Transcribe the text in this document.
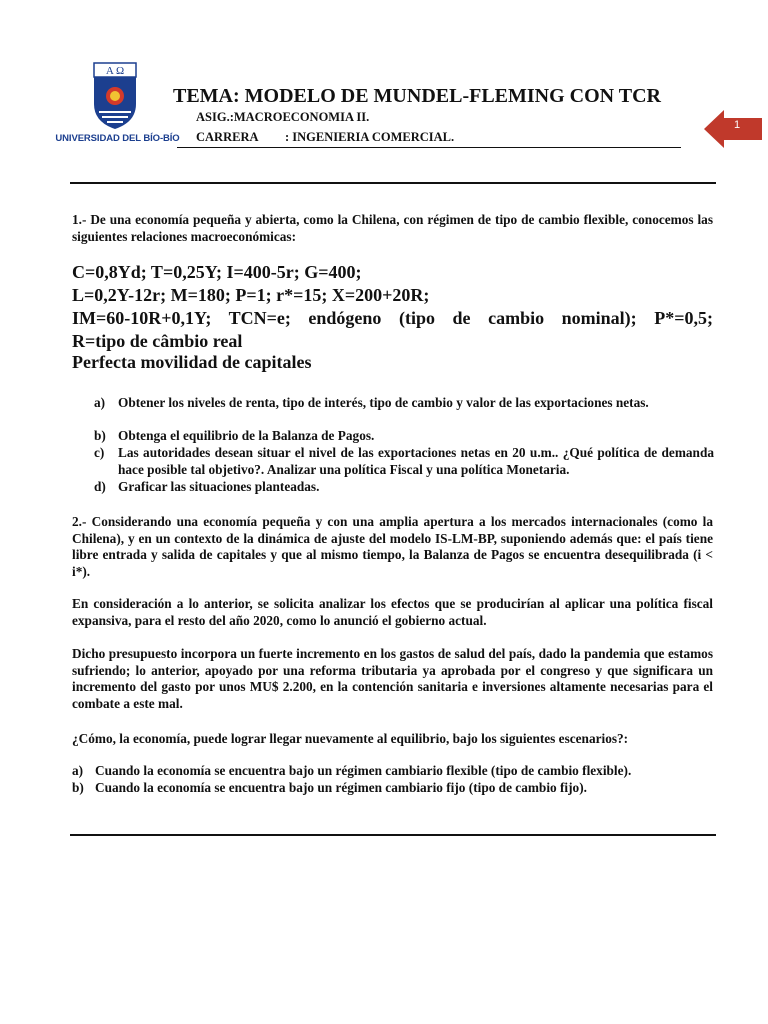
A Ω
UNIVERSIDAD DEL BÍO-BÍO
TEMA: MODELO DE MUNDEL-FLEMING CON TCR
ASIG.:MACROECONOMIA II.
CARRERA : INGENIERIA COMERCIAL.
1

1.- De una economía pequeña y abierta, como la Chilena, con régimen de tipo de cambio flexible, conocemos las siguientes relaciones macroeconómicas:

C=0,8Yd; T=0,25Y; I=400-5r; G=400;
L=0,2Y-12r; M=180; P=1; r*=15; X=200+20R;
IM=60-10R+0,1Y; TCN=e; endógeno (tipo de cambio nominal); P*=0,5;
R=tipo de câmbio real
Perfecta movilidad de capitales
a) Obtener los niveles de renta, tipo de interés, tipo de cambio y valor de las exportaciones netas.
b) Obtenga el equilibrio de la Balanza de Pagos.
c) Las autoridades desean situar el nivel de las exportaciones netas en 20 u.m.. ¿Qué política de demanda hace posible tal objetivo?. Analizar una política Fiscal y una política Monetaria.
d) Graficar las situaciones planteadas.

2.- Considerando una economía pequeña y con una amplia apertura a los mercados internacionales (como la Chilena), y en un contexto de la dinámica de ajuste del modelo IS-LM-BP, suponiendo además que: el país tiene libre entrada y salida de capitales y que al mismo tiempo, la Balanza de Pagos se encuentra desequilibrada (i < i*).

En consideración a lo anterior, se solicita analizar los efectos que se producirían al aplicar una política fiscal expansiva, para el resto del año 2020, como lo anunció el gobierno actual.

Dicho presupuesto incorpora un fuerte incremento en los gastos de salud del país, dado la pandemia que estamos sufriendo; lo anterior, apoyado por una reforma tributaria ya aprobada por el congreso y que significara un incremento del gasto por unos MU$ 2.200, en la contención sanitaria e inversiones altamente necesarias para el combate a este mal.

¿Cómo, la economía, puede lograr llegar nuevamente al equilibrio, bajo los siguientes escenarios?:

a) Cuando la economía se encuentra bajo un régimen cambiario flexible (tipo de cambio flexible).
b) Cuando la economía se encuentra bajo un régimen cambiario fijo (tipo de cambio fijo).
